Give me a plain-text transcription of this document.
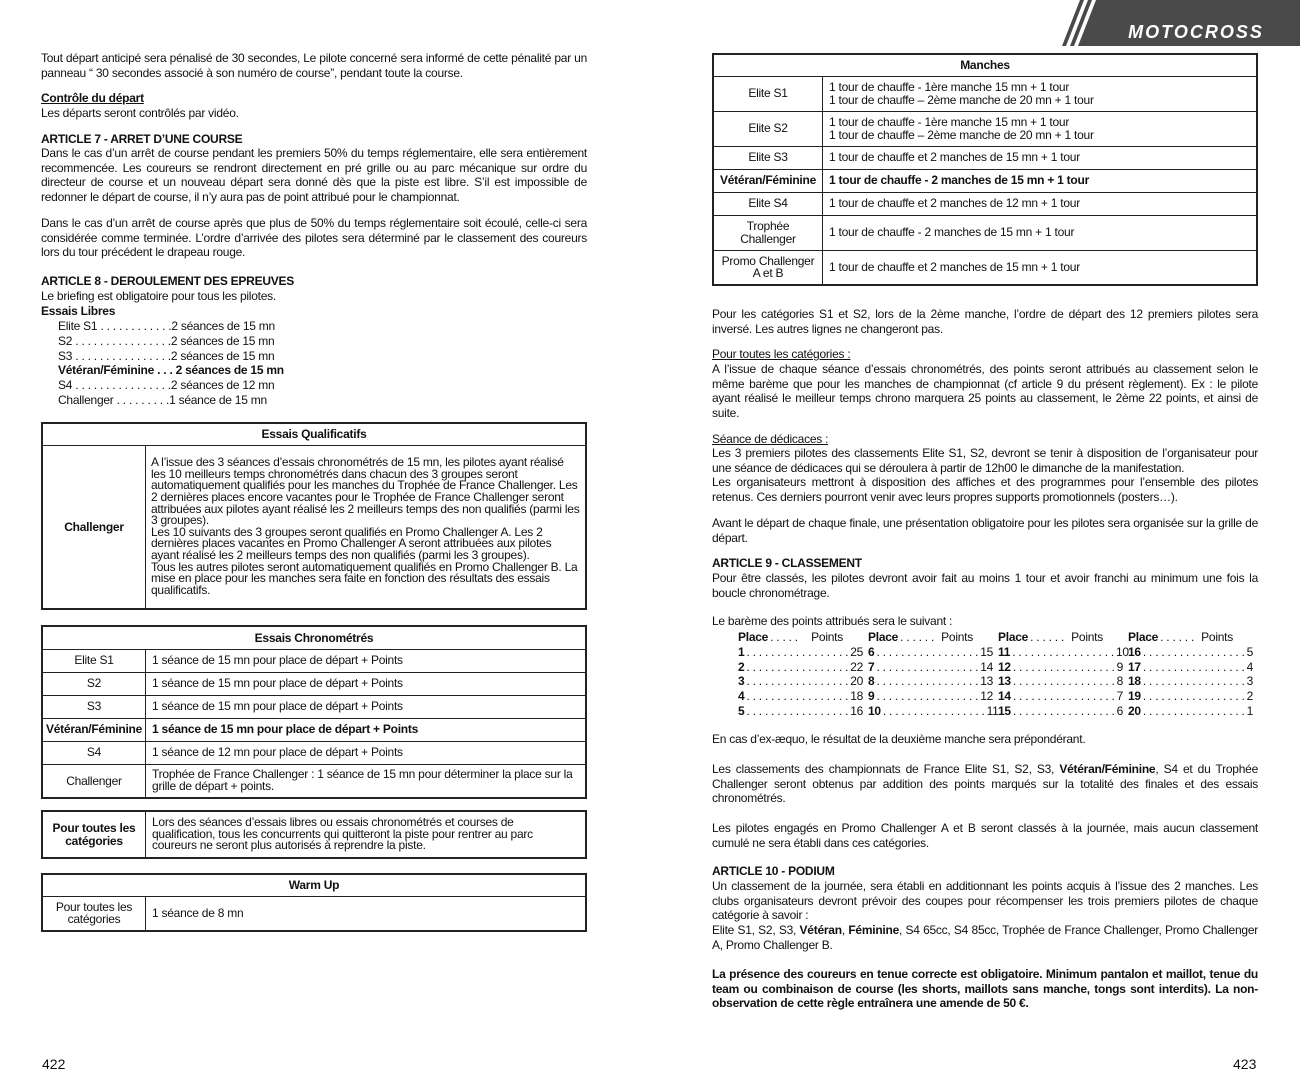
Tout départ anticipé sera pénalisé de 30 secondes, Le pilote concerné sera informé de cette pénalité par un panneau “ 30 secondes associé à son numéro de course”, pendant toute la course.

Contrôle du départ

Les départs seront contrôlés par vidéo.

ARTICLE 7 - ARRET D’UNE COURSE

Dans le cas d’un arrêt de course pendant les premiers 50% du temps réglementaire, elle sera entièrement recommencée. Les coureurs se rendront directement en pré grille ou au parc mécanique sur ordre du directeur de course et un nouveau départ sera donné dès que la piste est libre. S’il est impossible de redonner le départ de course, il n’y aura pas de point attribué pour le championnat.

Dans le cas d’un arrêt de course après que plus de 50% du temps réglementaire soit écoulé, celle-ci sera considérée comme terminée. L’ordre d’arrivée des pilotes sera déterminé par le classement des coureurs lors du tour précédent le drapeau rouge.

ARTICLE 8 - DEROULEMENT DES EPREUVES

Le briefing est obligatoire pour tous les pilotes.

Essais Libres

Elite S1 . . . . . . . . . . . .2 séances de 15 mn
S2 . . . . . . . . . . . . . . . .2 séances de 15 mn
S3 . . . . . . . . . . . . . . . .2 séances de 15 mn
Vétéran/Féminine . . . 2 séances de 15 mn
S4 . . . . . . . . . . . . . . . .2 séances de 12 mn
Challenger . . . . . . . . .1 séance de 15 mn
Essais Qualificatifs
Challenger	A l’issue des 3 séances d’essais chronométrés de 15 mn, les pilotes ayant réalisé les 10 meilleurs temps chronométrés dans chacun des 3 groupes seront automatiquement qualifiés pour les manches du Trophée de France Challenger. Les 2 dernières places encore vacantes pour le Trophée de France Challenger seront attribuées aux pilotes ayant réalisé les 2 meilleurs temps des non qualifiés (parmi les 3 groupes).
Les 10 suivants des 3 groupes seront qualifiés en Promo Challenger A. Les 2 dernières places vacantes en Promo Challenger A seront attribuées aux pilotes ayant réalisé les 2 meilleurs temps des non qualifiés (parmi les 3 groupes).
Tous les autres pilotes seront automatiquement qualifiés en Promo Challenger B. La mise en place pour les manches sera faite en fonction des résultats des essais qualificatifs.
Essais Chronométrés	
Elite S1	1 séance de 15 mn pour place de départ + Points
S2	1 séance de 15 mn pour place de départ + Points
S3	1 séance de 15 mn pour place de départ + Points
Vétéran/Féminine	1 séance de 15 mn pour place de départ + Points
S4	1 séance de 12 mn pour place de départ + Points
Challenger	Trophée de France Challenger : 1 séance de 15 mn pour déterminer la place sur la grille de départ + points.
Pour toutes les catégories	Lors des séances d’essais libres ou essais chronométrés et courses de qualification, tous les concurrents qui quitteront la piste pour rentrer au parc coureurs ne seront plus autorisés à reprendre la piste.
Warm Up
Pour toutes les catégories	1 séance de 8 mn
422
MOTOCROSS
Manches	
Elite S1	1 tour de chauffe - 1ère manche 15 mn + 1 tour
1 tour de chauffe – 2ème manche de 20 mn + 1 tour
Elite S2	1 tour de chauffe - 1ère manche 15 mn + 1 tour
1 tour de chauffe – 2ème manche de 20 mn + 1 tour
Elite S3	1 tour de chauffe et 2 manches de 15 mn + 1 tour
Vétéran/Féminine	1 tour de chauffe - 2 manches de 15 mn + 1 tour
Elite S4	1 tour de chauffe et 2 manches de 12 mn + 1 tour
Trophée
Challenger	1 tour de chauffe - 2 manches de 15 mn + 1 tour
Promo Challenger
A et B	1 tour de chauffe et 2 manches de 15 mn + 1 tour

Pour les catégories S1 et S2, lors de la 2ème manche, l’ordre de départ des 12 premiers pilotes sera inversé. Les autres lignes ne changeront pas.

Pour toutes les catégories :

A l’issue de chaque séance d’essais chronométrés, des points seront attribués au classement selon le même barème que pour les manches de championnat (cf article 9 du présent règlement). Ex : le pilote ayant réalisé le meilleur temps chrono marquera 25 points au classement, le 2ème 22 points, et ainsi de suite.

Séance de dédicaces :

Les 3 premiers pilotes des classements Elite S1, S2, devront se tenir à disposition de l’organisateur pour une séance de dédicaces qui se déroulera à partir de 12h00 le dimanche de la manifestation.
Les organisateurs mettront à disposition des affiches et des programmes pour l’ensemble des pilotes retenus. Ces derniers pourront venir avec leurs propres supports promotionnels (posters…).

Avant le départ de chaque finale, une présentation obligatoire pour les pilotes sera organisée sur la grille de départ.

ARTICLE 9 - CLASSEMENT

Pour être classés, les pilotes devront avoir fait au moins 1 tour et avoir franchi au minimum une fois la boucle chronométrage.

Le barème des points attribués sera le suivant :

Place . . . . .	Points
1 . . . . . . . . . . . . . . . . . 25
2 . . . . . . . . . . . . . . . . . 22
3 . . . . . . . . . . . . . . . . . 20
4 . . . . . . . . . . . . . . . . . 18
5 . . . . . . . . . . . . . . . . . 16
Place . . . . . . Points
6 . . . . . . . . . . . . . . . . . 15
7 . . . . . . . . . . . . . . . . . 14
8 . . . . . . . . . . . . . . . . . 13
9 . . . . . . . . . . . . . . . . . 12
10 . . . . . . . . . . . . . . . . . 11
Place . . . . . . Points
11 . . . . . . . . . . . . . . . . . 10
12 . . . . . . . . . . . . . . . . . 9
13 . . . . . . . . . . . . . . . . . 8
14 . . . . . . . . . . . . . . . . . 7
15 . . . . . . . . . . . . . . . . . 6
Place . . . . . . Points
16 . . . . . . . . . . . . . . . . . 5
17 . . . . . . . . . . . . . . . . . 4
18 . . . . . . . . . . . . . . . . . 3
19 . . . . . . . . . . . . . . . . . 2
20 . . . . . . . . . . . . . . . . . 1

En cas d’ex-æquo, le résultat de la deuxième manche sera prépondérant.

Les classements des championnats de France Elite S1, S2, S3, Vétéran/Féminine, S4 et du Trophée Challenger seront obtenus par addition des points marqués sur la totalité des finales et des essais chronométrés.

Les pilotes engagés en Promo Challenger A et B seront classés à la journée, mais aucun classement cumulé ne sera établi dans ces catégories.

ARTICLE 10 - PODIUM

Un classement de la journée, sera établi en additionnant les points acquis à l’issue des 2 manches. Les clubs organisateurs devront prévoir des coupes pour récompenser les trois premiers pilotes de chaque catégorie à savoir :

Elite S1, S2, S3, Vétéran, Féminine, S4 65cc, S4 85cc, Trophée de France Challenger, Promo Challenger A, Promo Challenger B.

La présence des coureurs en tenue correcte est obligatoire. Minimum pantalon et maillot, tenue du team ou combinaison de course (les shorts, maillots sans manche, tongs sont interdits). La non-observation de cette règle entraînera une amende de 50 €.

423
